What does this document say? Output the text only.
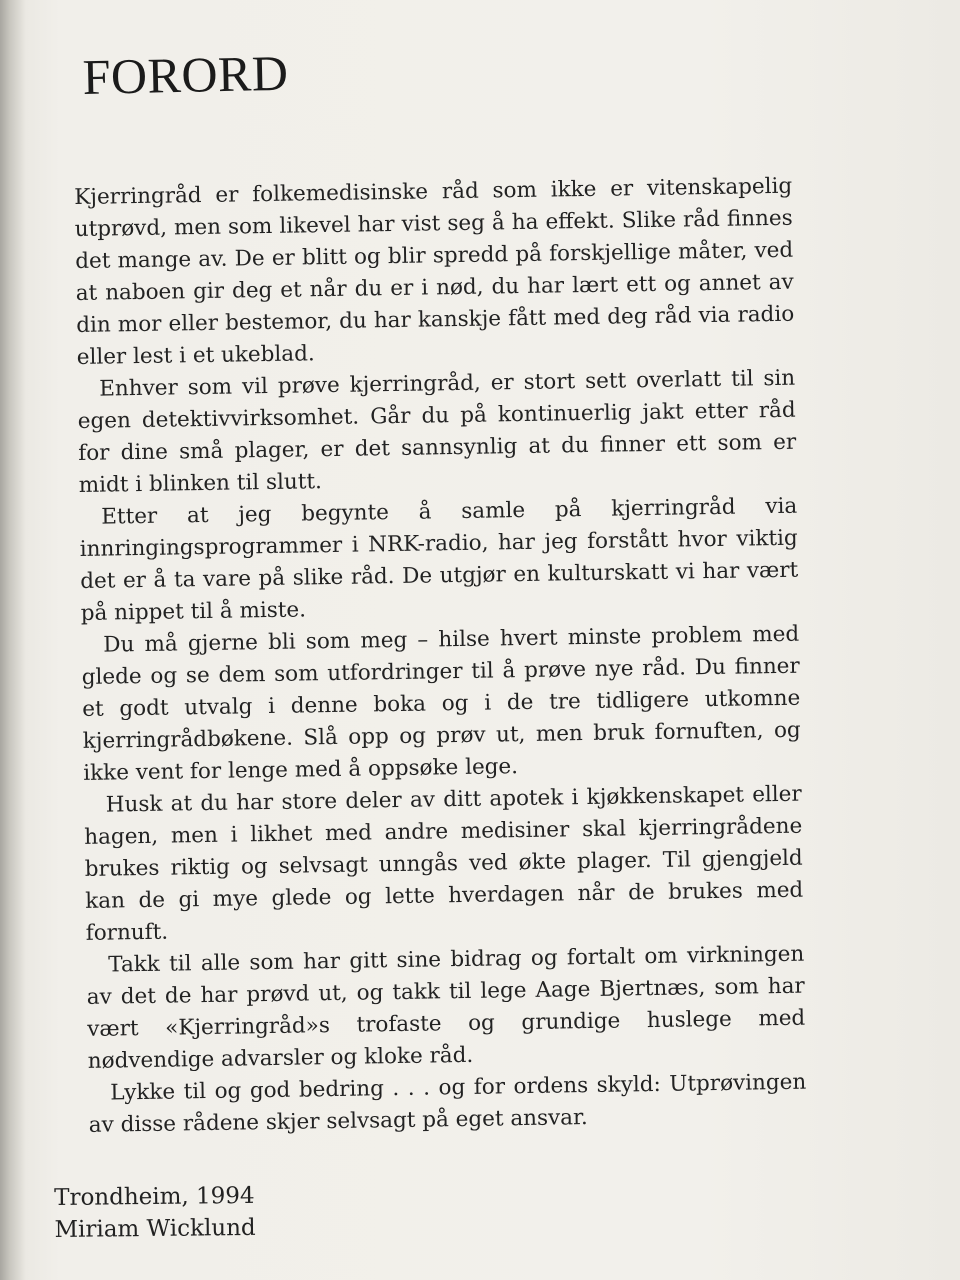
FORORD

Kjerringråd er folkemedisinske råd som ikke er vitenskapelig utprøvd, men som likevel har vist seg å ha effekt. Slike råd finnes det mange av. De er blitt og blir spredd på forskjellige måter, ved at naboen gir deg et når du er i nød, du har lært ett og annet av din mor eller bestemor, du har kanskje fått med deg råd via radio eller lest i et ukeblad.

Enhver som vil prøve kjerringråd, er stort sett overlatt til sin egen detektivvirksomhet. Går du på kontinuerlig jakt etter råd for dine små plager, er det sannsynlig at du finner ett som er midt i blinken til slutt.

Etter at jeg begynte å samle på kjerringråd via innringingsprogrammer i NRK-radio, har jeg forstått hvor viktig det er å ta vare på slike råd. De utgjør en kulturskatt vi har vært på nippet til å miste.

Du må gjerne bli som meg – hilse hvert minste problem med glede og se dem som utfordringer til å prøve nye råd. Du finner et godt utvalg i denne boka og i de tre tidligere utkomne kjerringrådbøkene. Slå opp og prøv ut, men bruk fornuften, og ikke vent for lenge med å oppsøke lege.

Husk at du har store deler av ditt apotek i kjøkkenskapet eller hagen, men i likhet med andre medisiner skal kjerringrådene brukes riktig og selvsagt unngås ved økte plager. Til gjengjeld kan de gi mye glede og lette hverdagen når de brukes med fornuft.

Takk til alle som har gitt sine bidrag og fortalt om virkningen av det de har prøvd ut, og takk til lege Aage Bjertnæs, som har vært «Kjerringråd»s trofaste og grundige huslege med nødvendige advarsler og kloke råd.

Lykke til og god bedring . . . og for ordens skyld: Utprøvingen av disse rådene skjer selvsagt på eget ansvar.

Trondheim, 1994
Miriam Wicklund
